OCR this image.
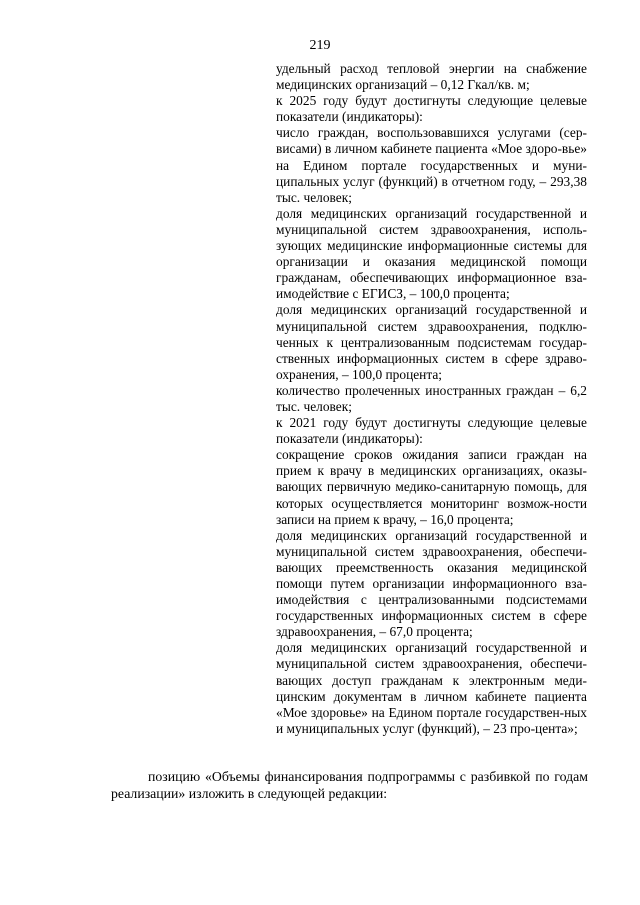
219

удельный расход тепловой энергии на снабжение медицинских организаций – 0,12 Гкал/кв. м;

к 2025 году будут достигнуты следующие целевые показатели (индикаторы):

число граждан, воспользовавшихся услугами (сер-висами) в личном кабинете пациента «Мое здоро-вье» на Едином портале государственных и муни-ципальных услуг (функций) в отчетном году, – 293,38 тыс. человек;

доля медицинских организаций государственной и муниципальной систем здравоохранения, исполь-зующих медицинские информационные системы для организации и оказания медицинской помощи гражданам, обеспечивающих информационное вза-имодействие с ЕГИСЗ, – 100,0 процента;

доля медицинских организаций государственной и муниципальной систем здравоохранения, подклю-ченных к централизованным подсистемам государ-ственных информационных систем в сфере здраво-охранения, – 100,0 процента;

количество пролеченных иностранных граждан – 6,2 тыс. человек;

к 2021 году будут достигнуты следующие целевые показатели (индикаторы):

сокращение сроков ожидания записи граждан на прием к врачу в медицинских организациях, оказы-вающих первичную медико-санитарную помощь, для которых осуществляется мониторинг возмож-ности записи на прием к врачу, – 16,0 процента;

доля медицинских организаций государственной и муниципальной систем здравоохранения, обеспечи-вающих преемственность оказания медицинской помощи путем организации информационного вза-имодействия с централизованными подсистемами государственных информационных систем в сфере здравоохранения, – 67,0 процента;

доля медицинских организаций государственной и муниципальной систем здравоохранения, обеспечи-вающих доступ гражданам к электронным меди-цинским документам в личном кабинете пациента «Мое здоровье» на Едином портале государствен-ных и муниципальных услуг (функций), – 23 про-цента»;

позицию «Объемы финансирования подпрограммы с разбивкой по годам реализации» изложить в следующей редакции:
